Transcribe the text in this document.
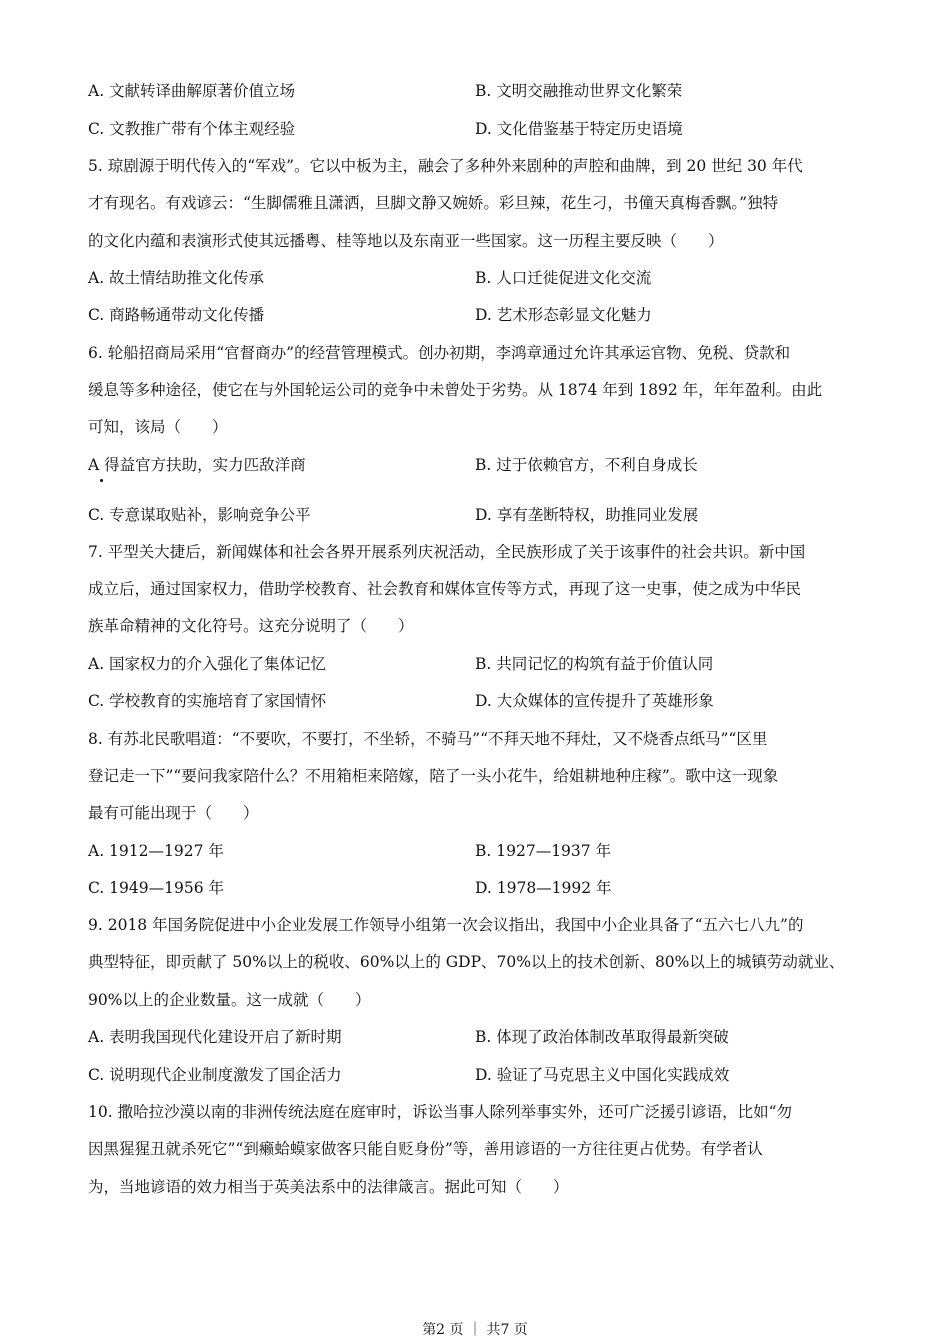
A. 文献转译曲解原著价值立场	B. 文明交融推动世界文化繁荣
C. 文教推广带有个体主观经验	D. 文化借鉴基于特定历史语境
5. 琼剧源于明代传入的“军戏”。它以中板为主，融会了多种外来剧种的声腔和曲牌，到 20 世纪 30 年代
才有现名。有戏谚云：“生脚儒雅且潇洒，旦脚文静又婉娇。彩旦辣，花生刁，书僮天真梅香飘。”独特
的文化内蕴和表演形式使其远播粤、桂等地以及东南亚一些国家。这一历程主要反映（　　）
A. 故土情结助推文化传承	B. 人口迁徙促进文化交流
C. 商路畅通带动文化传播	D. 艺术形态彰显文化魅力
6. 轮船招商局采用“官督商办”的经营管理模式。创办初期，李鸿章通过允许其承运官物、免税、贷款和
缓息等多种途径，使它在与外国轮运公司的竞争中未曾处于劣势。从 1874 年到 1892 年，年年盈利。由此
可知，该局（　　）
A 得益官方扶助，实力匹敌洋商	B. 过于依赖官方，不利自身成长
C. 专意谋取贴补，影响竞争公平	D. 享有垄断特权，助推同业发展
7. 平型关大捷后，新闻媒体和社会各界开展系列庆祝活动，全民族形成了关于该事件的社会共识。新中国
成立后，通过国家权力，借助学校教育、社会教育和媒体宣传等方式，再现了这一史事，使之成为中华民
族革命精神的文化符号。这充分说明了（　　）
A. 国家权力的介入强化了集体记忆	B. 共同记忆的构筑有益于价值认同
C. 学校教育的实施培育了家国情怀	D. 大众媒体的宣传提升了英雄形象
8. 有苏北民歌唱道：“不要吹，不要打，不坐轿，不骑马”“不拜天地不拜灶，又不烧香点纸马”“区里
登记走一下”“要问我家陪什么？不用箱柜来陪嫁，陪了一头小花牛，给姐耕地种庄稼”。歌中这一现象
最有可能出现于（　　）
A. 1912—1927 年	B. 1927—1937 年
C. 1949—1956 年	D. 1978—1992 年
9. 2018 年国务院促进中小企业发展工作领导小组第一次会议指出，我国中小企业具备了“五六七八九”的
典型特征，即贡献了 50%以上的税收、60%以上的 GDP、70%以上的技术创新、80%以上的城镇劳动就业、
90%以上的企业数量。这一成就（　　）
A. 表明我国现代化建设开启了新时期	B. 体现了政治体制改革取得最新突破
C. 说明现代企业制度激发了国企活力	D. 验证了马克思主义中国化实践成效
10. 撒哈拉沙漠以南的非洲传统法庭在庭审时，诉讼当事人除列举事实外，还可广泛援引谚语，比如“勿
因黑猩猩丑就杀死它”“到癞蛤蟆家做客只能自贬身份”等，善用谚语的一方往往更占优势。有学者认
为，当地谚语的效力相当于英美法系中的法律箴言。据此可知（　　）
第2 页 ｜ 共7 页
